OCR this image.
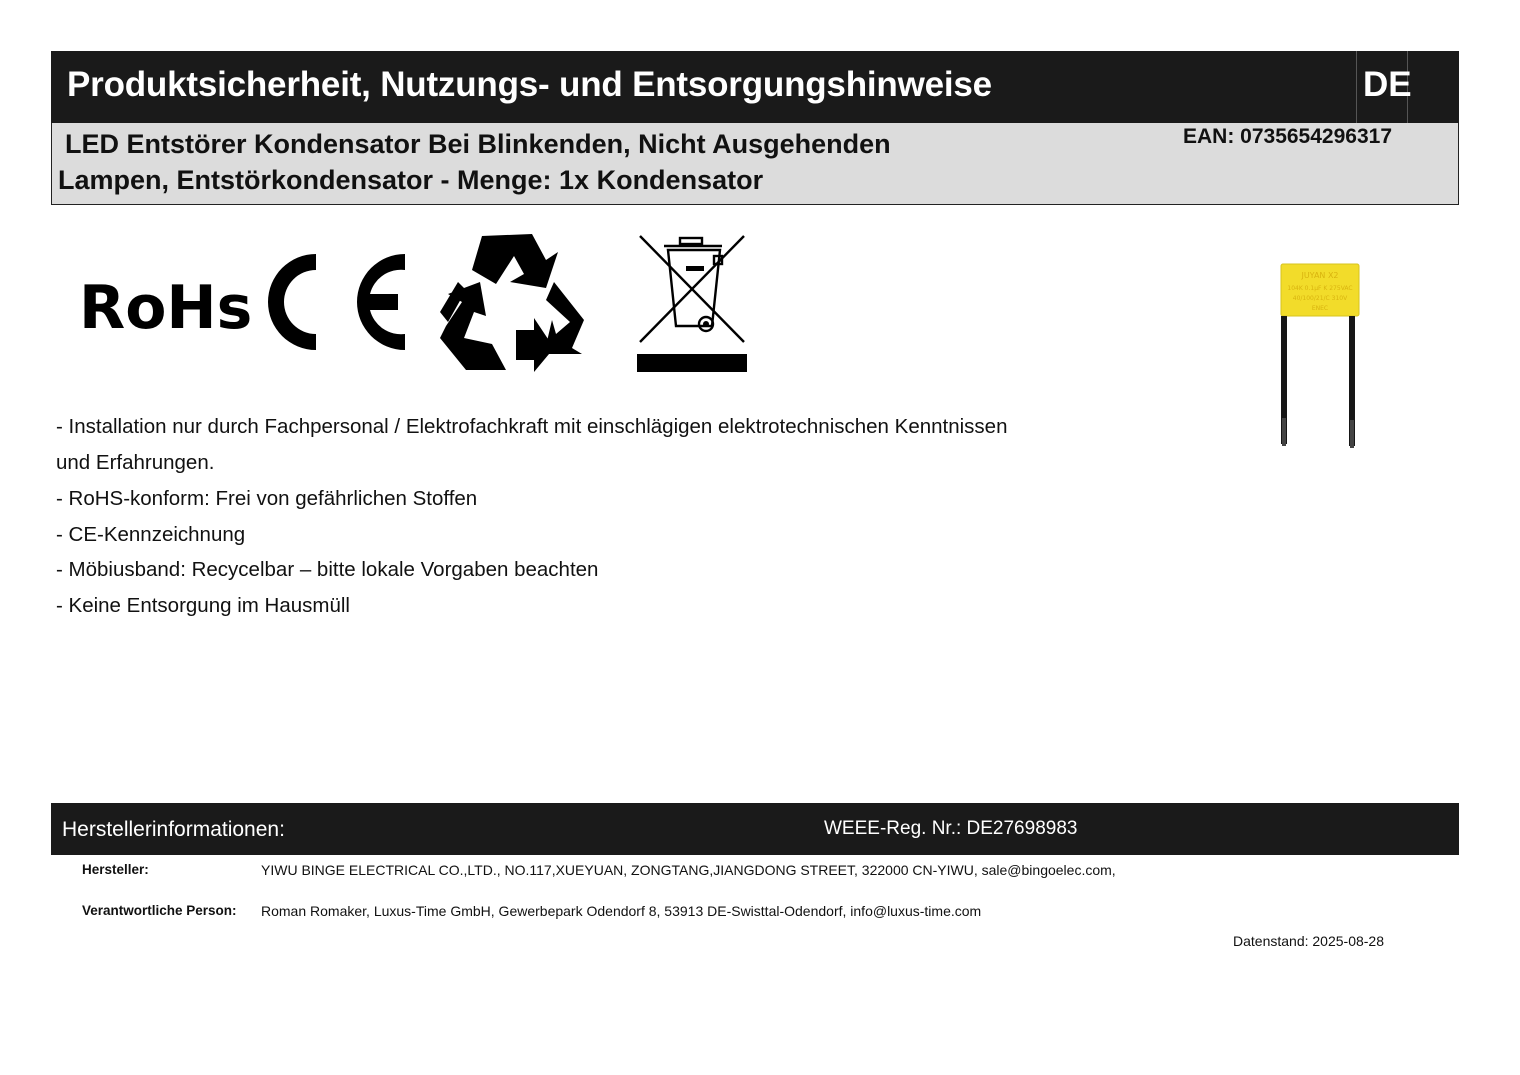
Produktsicherheit, Nutzungs- und Entsorgungshinweise	DE
LED Entstörer Kondensator Bei Blinkenden, Nicht Ausgehenden
Lampen, Entstörkondensator - Menge: 1x Kondensator
EAN: 0735654296317
RoHs	JUYAN X2
104K 0.1µF K 275VAC
40/100/21/C 310V
ENEC
- Installation nur durch Fachpersonal / Elektrofachkraft mit einschlägigen elektrotechnischen Kenntnissen
und Erfahrungen.
- RoHS-konform: Frei von gefährlichen Stoffen
- CE-Kennzeichnung
- Möbiusband: Recycelbar – bitte lokale Vorgaben beachten
- Keine Entsorgung im Hausmüll
Herstellerinformationen:	WEEE-Reg. Nr.: DE27698983
Hersteller:	YIWU BINGE ELECTRICAL CO.,LTD., NO.117,XUEYUAN, ZONGTANG,JIANGDONG STREET, 322000 CN-YIWU, sale@bingoelec.com,
Verantwortliche Person: Roman Romaker, Luxus-Time GmbH, Gewerbepark Odendorf 8, 53913 DE-Swisttal-Odendorf, info@luxus-time.com
Datenstand: 2025-08-28
